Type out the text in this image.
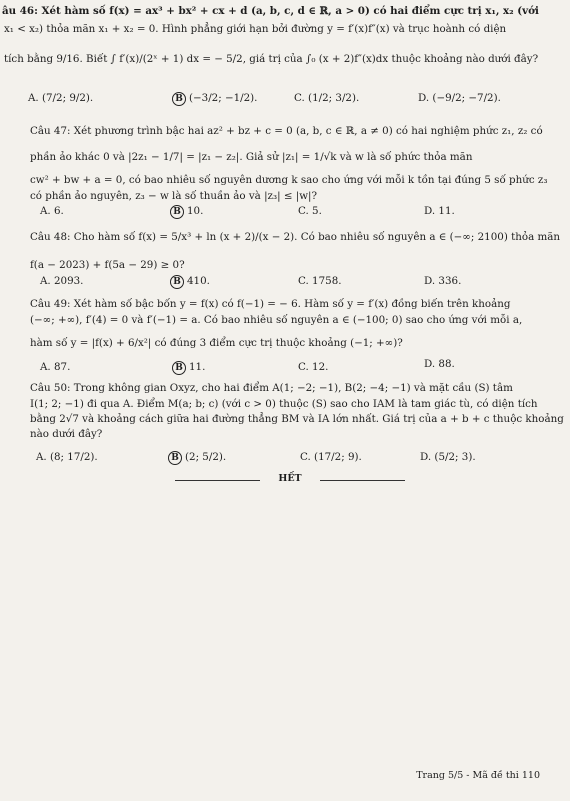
âu 46: Xét hàm số f(x) = ax³ + bx² + cx + d (a, b, c, d ∈ ℝ, a > 0) có hai điểm cực trị x₁, x₂ (với
x₁ < x₂) thỏa mãn x₁ + x₂ = 0. Hình phẳng giới hạn bởi đường y = f′(x)f″(x) và trục hoành có diện
tích bằng 9/16. Biết ∫ f′(x)/(2ˣ + 1) dx = − 5/2, giá trị của ∫₀ (x + 2)f″(x)dx thuộc khoảng nào dưới đây?
A. (7/2; 9/2).	B (−3/2; −1/2).	C. (1/2; 3/2).	D. (−9/2; −7/2).
Câu 47: Xét phương trình bậc hai az² + bz + c = 0 (a, b, c ∈ ℝ, a ≠ 0) có hai nghiệm phức z₁, z₂ có
phần ảo khác 0 và |2z₁ − 1/7| = |z₁ − z₂|. Giả sử |z₁| = 1/√k và w là số phức thỏa mãn
cw² + bw + a = 0, có bao nhiêu số nguyên dương k sao cho ứng với mỗi k tồn tại đúng 5 số phức z₃
có phần ảo nguyên, z₃ − w là số thuần ảo và |z₃| ≤ |w|?
A. 6.	B 10.	C. 5.	D. 11.
Câu 48: Cho hàm số f(x) = 5/x³ + ln (x + 2)/(x − 2). Có bao nhiêu số nguyên a ∈ (−∞; 2100) thỏa mãn
f(a − 2023) + f(5a − 29) ≥ 0?
A. 2093.	B 410.	C. 1758.	D. 336.
Câu 49: Xét hàm số bậc bốn y = f(x) có f(−1) = − 6. Hàm số y = f′(x) đồng biến trên khoảng
(−∞; +∞), f′(4) = 0 và f′(−1) = a. Có bao nhiêu số nguyên a ∈ (−100; 0) sao cho ứng với mỗi a,
hàm số y = |f(x) + 6/x²| có đúng 3 điểm cực trị thuộc khoảng (−1; +∞)?
A. 87.	B 11.	C. 12.	D. 88.
Câu 50: Trong không gian Oxyz, cho hai điểm A(1; −2; −1), B(2; −4; −1) và mặt cầu (S) tâm
I(1; 2; −1) đi qua A. Điểm M(a; b; c) (với c > 0) thuộc (S) sao cho IAM là tam giác tù, có diện tích
bằng 2√7 và khoảng cách giữa hai đường thẳng BM và IA lớn nhất. Giá trị của a + b + c thuộc khoảng
nào dưới đây?
A. (8; 17/2).	B (2; 5/2).	C. (17/2; 9).	D. (5/2; 3).
HẾT
Trang 5/5 - Mã đề thi 110
